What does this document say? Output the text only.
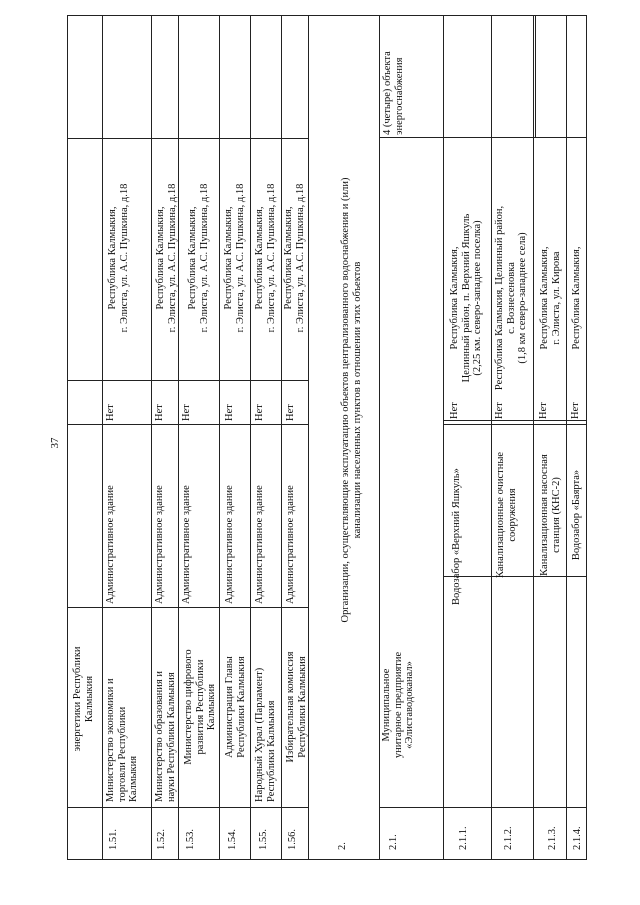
37
энергетики Республики
Калмыкия
1.51.
Министерство экономики и
торговли Республики
Калмыкия
Административное здание
Нет
Республика Калмыкия,
г. Элиста, ул. А.С. Пушкина, д.18
1.52.
Министерство образования и
науки Республики Калмыкия
Административное здание
Нет
Республика Калмыкия,
г. Элиста, ул. А.С. Пушкина, д.18
1.53.
Министерство цифрового
развития Республики
Калмыкия
Административное здание
Нет
Республика Калмыкия,
г. Элиста, ул. А.С. Пушкина, д.18
1.54.
Администрация Главы
Республики Калмыкия
Административное здание
Нет
Республика Калмыкия,
г. Элиста, ул. А.С. Пушкина, д.18
1.55.
Народный Хурал (Парламент)
Республики Калмыкия
Административное здание
Нет
Республика Калмыкия,
г. Элиста, ул. А.С. Пушкина, д.18
1.56.
Избирательная комиссия
Республики Калмыкия
Административное здание
Нет
Республика Калмыкия,
г. Элиста, ул. А.С. Пушкина, д.18
2.
Организации, осуществляющие эксплуатацию объектов централизованного водоснабжения и (или)
канализации населенных пунктов в отношении этих объектов
2.1.
Муниципальное
унитарное предприятие
«Элиставодоканал»
4 (четыре) объекта
энергоснабжения
2.1.1.
Водозабор «Верхний Яшкуль»
Нет
Республика Калмыкия,
Целинный район, п. Верхний Яшкуль
(2,25 км. северо-западнее поселка)
2.1.2.
Канализационные очистные
сооружения
Нет
Республика Калмыкия, Целинный район,
с. Вознесеновка
(1,8 км северо-западнее села)
2.1.3.
Канализационная насосная
станция (КНС-2)
Нет
Республика Калмыкия,
г. Элиста, ул. Кирова
2.1.4.
Водозабор «Баярта»
Нет
Республика Калмыкия,
